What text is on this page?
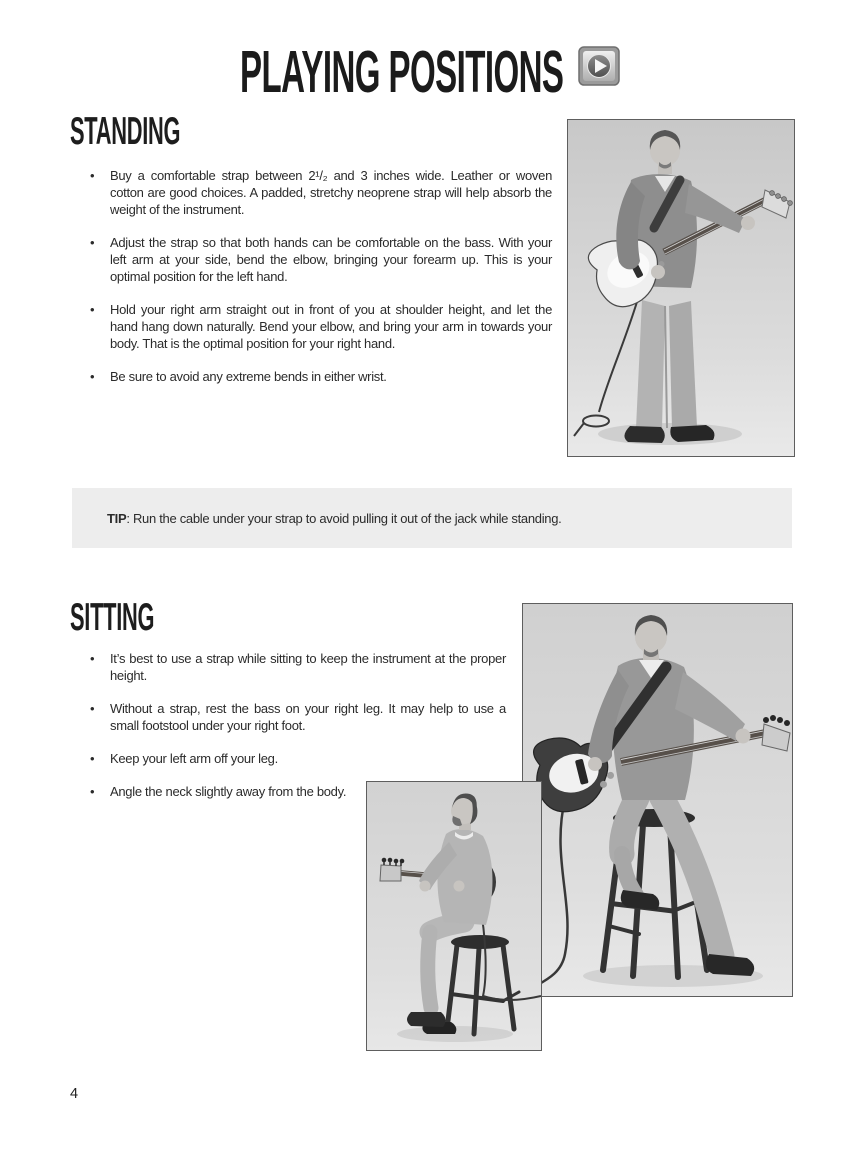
PLAYING POSITIONS
STANDING
•	Buy a comfortable strap between 2¹/₂ and 3 inches wide. Leather or woven cotton are good choices. A padded, stretchy neoprene strap will help absorb the weight of the instrument.
•	Adjust the strap so that both hands can be comfortable on the bass. With your left arm at your side, bend the elbow, bringing your forearm up. This is your optimal position for the left hand.
•	Hold your right arm straight out in front of you at shoulder height, and let the hand hang down naturally. Bend your elbow, and bring your arm in towards your body. That is the optimal position for your right hand.
•	Be sure to avoid any extreme bends in either wrist.
TIP: Run the cable under your strap to avoid pulling it out of the jack while standing.
SITTING
•	It’s best to use a strap while sitting to keep the instrument at the proper height.
•	Without a strap, rest the bass on your right leg. It may help to use a small footstool under your right foot.
•	Keep your left arm off your leg.
•	Angle the neck slightly away from the body.
4
